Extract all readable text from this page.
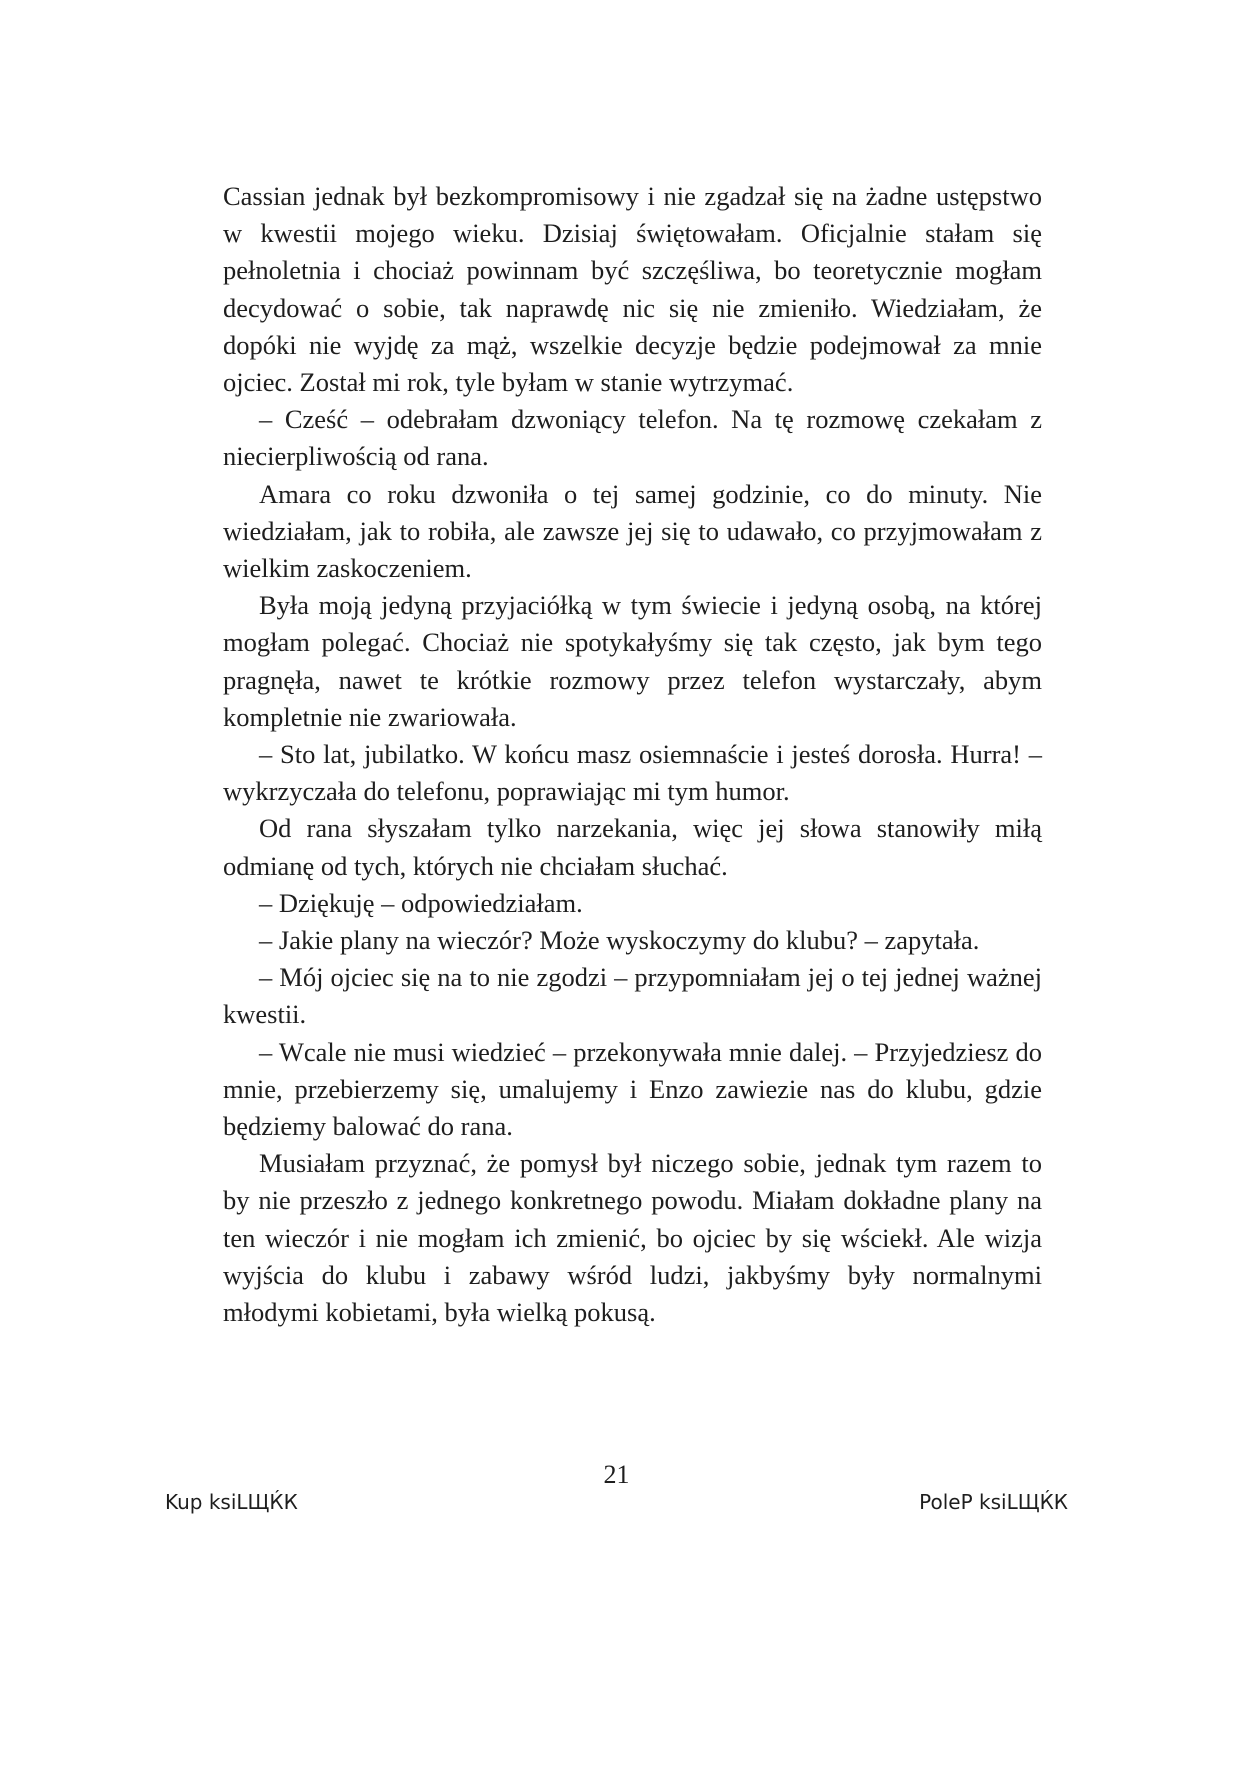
Cassian jednak był bezkompromisowy i nie zgadzał się na żadne ustępstwo w kwestii mojego wieku. Dzisiaj świętowałam. Oficjalnie stałam się pełnoletnia i chociaż powinnam być szczęśliwa, bo teoretycznie mogłam decydować o sobie, tak naprawdę nic się nie zmieniło. Wiedziałam, że dopóki nie wyjdę za mąż, wszelkie decyzje będzie podejmował za mnie ojciec. Został mi rok, tyle byłam w stanie wytrzymać.

– Cześć – odebrałam dzwoniący telefon. Na tę rozmowę czekałam z niecierpliwością od rana.

Amara co roku dzwoniła o tej samej godzinie, co do minuty. Nie wiedziałam, jak to robiła, ale zawsze jej się to udawało, co przyjmowałam z wielkim zaskoczeniem.

Była moją jedyną przyjaciółką w tym świecie i jedyną osobą, na której mogłam polegać. Chociaż nie spotykałyśmy się tak często, jak bym tego pragnęła, nawet te krótkie rozmowy przez telefon wystarczały, abym kompletnie nie zwariowała.

– Sto lat, jubilatko. W końcu masz osiemnaście i jesteś dorosła. Hurra! – wykrzyczała do telefonu, poprawiając mi tym humor.

Od rana słyszałam tylko narzekania, więc jej słowa stanowiły miłą odmianę od tych, których nie chciałam słuchać.

– Dziękuję – odpowiedziałam.

– Jakie plany na wieczór? Może wyskoczymy do klubu? – zapytała.

– Mój ojciec się na to nie zgodzi – przypomniałam jej o tej jednej ważnej kwestii.

– Wcale nie musi wiedzieć – przekonywała mnie dalej. – Przyjedziesz do mnie, przebierzemy się, umalujemy i Enzo zawiezie nas do klubu, gdzie będziemy balować do rana.

Musiałam przyznać, że pomysł był niczego sobie, jednak tym razem to by nie przeszło z jednego konkretnego powodu. Miałam dokładne plany na ten wieczór i nie mogłam ich zmienić, bo ojciec by się wściekł. Ale wizja wyjścia do klubu i zabawy wśród ludzi, jakbyśmy były normalnymi młodymi kobietami, była wielką pokusą.

21
Kup ksiLЩЌК	PoleP ksiLЩЌК
